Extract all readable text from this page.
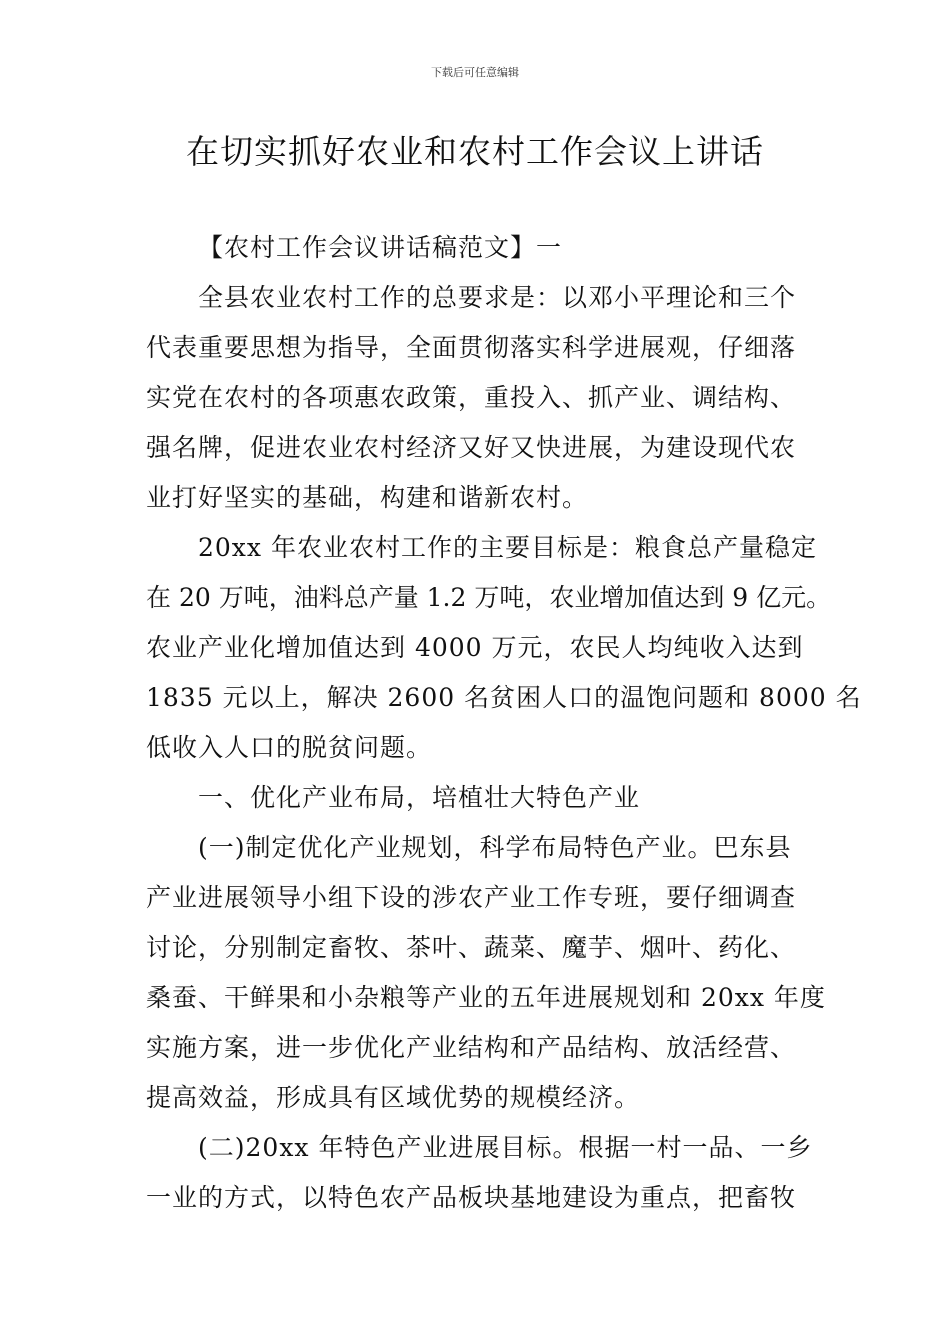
下载后可任意编辑
在切实抓好农业和农村工作会议上讲话
【农村工作会议讲话稿范文】一
全县农业农村工作的总要求是：以邓小平理论和三个
代表重要思想为指导，全面贯彻落实科学进展观，仔细落
实党在农村的各项惠农政策，重投入、抓产业、调结构、
强名牌，促进农业农村经济又好又快进展，为建设现代农
业打好坚实的基础，构建和谐新农村。
20xx 年农业农村工作的主要目标是：粮食总产量稳定
在 20 万吨，油料总产量 1.2 万吨，农业增加值达到 9 亿元。
农业产业化增加值达到 4000 万元，农民人均纯收入达到
1835 元以上，解决 2600 名贫困人口的温饱问题和 8000 名
低收入人口的脱贫问题。
一、优化产业布局，培植壮大特色产业
(一)制定优化产业规划，科学布局特色产业。巴东县
产业进展领导小组下设的涉农产业工作专班，要仔细调查
讨论，分别制定畜牧、茶叶、蔬菜、魔芋、烟叶、药化、
桑蚕、干鲜果和小杂粮等产业的五年进展规划和 20xx 年度
实施方案，进一步优化产业结构和产品结构、放活经营、
提高效益，形成具有区域优势的规模经济。
(二)20xx 年特色产业进展目标。根据一村一品、一乡
一业的方式，以特色农产品板块基地建设为重点，把畜牧
